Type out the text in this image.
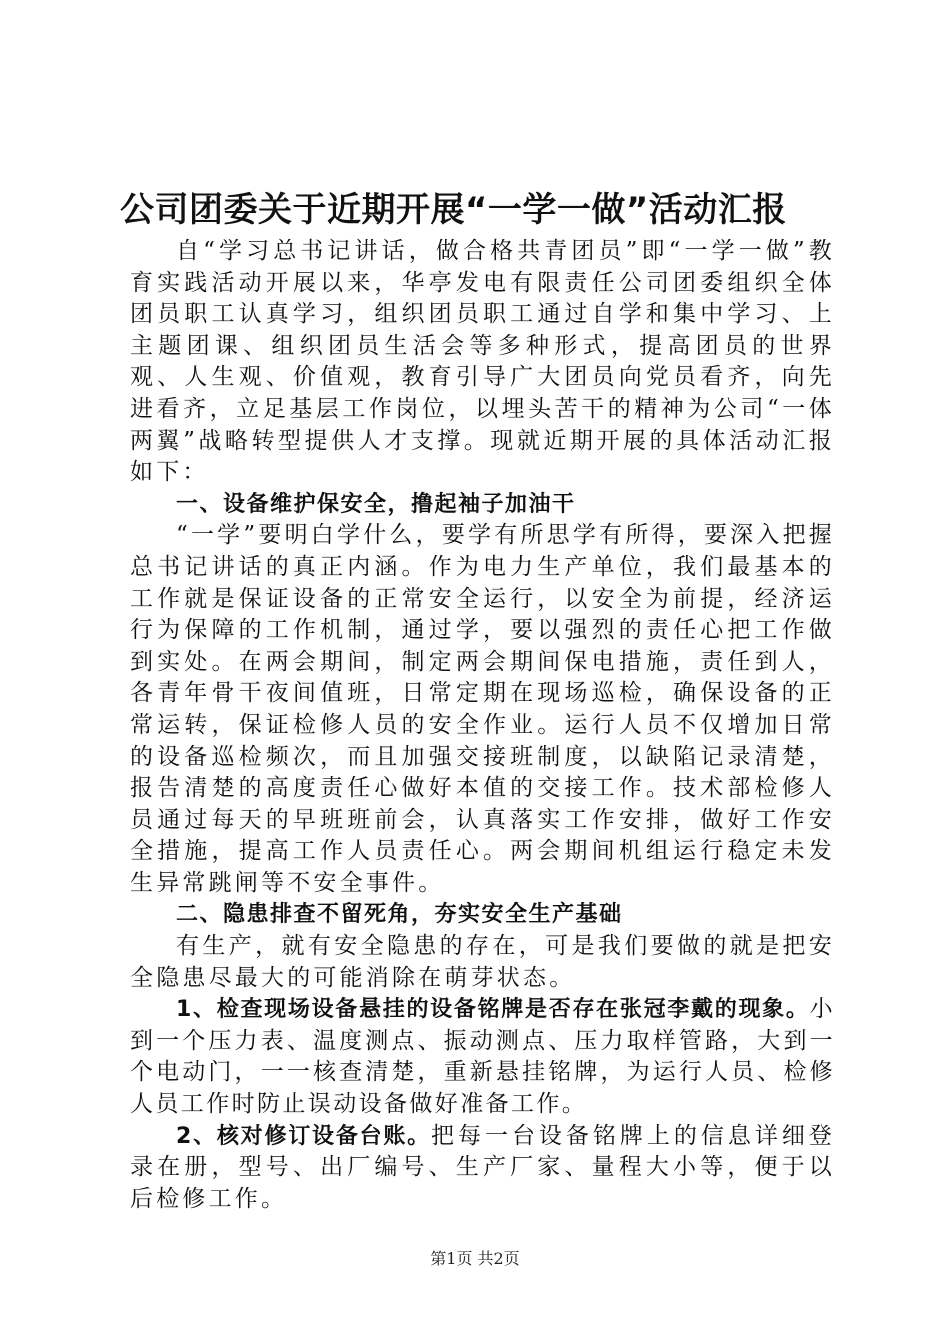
公司团委关于近期开展“一学一做”活动汇报

自“学习总书记讲话，做合格共青团员”即“一学一做”教育实践活动开展以来，华亭发电有限责任公司团委组织全体团员职工认真学习，组织团员职工通过自学和集中学习、上主题团课、组织团员生活会等多种形式，提高团员的世界观、人生观、价值观，教育引导广大团员向党员看齐，向先进看齐，立足基层工作岗位，以埋头苦干的精神为公司“一体两翼”战略转型提供人才支撑。现就近期开展的具体活动汇报如下：

一、设备维护保安全，撸起袖子加油干

“一学”要明白学什么，要学有所思学有所得，要深入把握总书记讲话的真正内涵。作为电力生产单位，我们最基本的工作就是保证设备的正常安全运行，以安全为前提，经济运行为保障的工作机制，通过学，要以强烈的责任心把工作做到实处。在两会期间，制定两会期间保电措施，责任到人，各青年骨干夜间值班，日常定期在现场巡检，确保设备的正常运转，保证检修人员的安全作业。运行人员不仅增加日常的设备巡检频次，而且加强交接班制度，以缺陷记录清楚，报告清楚的高度责任心做好本值的交接工作。技术部检修人员通过每天的早班班前会，认真落实工作安排，做好工作安全措施，提高工作人员责任心。两会期间机组运行稳定未发生异常跳闸等不安全事件。

二、隐患排查不留死角，夯实安全生产基础

有生产，就有安全隐患的存在，可是我们要做的就是把安全隐患尽最大的可能消除在萌芽状态。

1、检查现场设备悬挂的设备铭牌是否存在张冠李戴的现象。小到一个压力表、温度测点、振动测点、压力取样管路，大到一个电动门，一一核查清楚，重新悬挂铭牌，为运行人员、检修人员工作时防止误动设备做好准备工作。

2、核对修订设备台账。把每一台设备铭牌上的信息详细登录在册，型号、出厂编号、生产厂家、量程大小等，便于以后检修工作。

第1页 共2页
